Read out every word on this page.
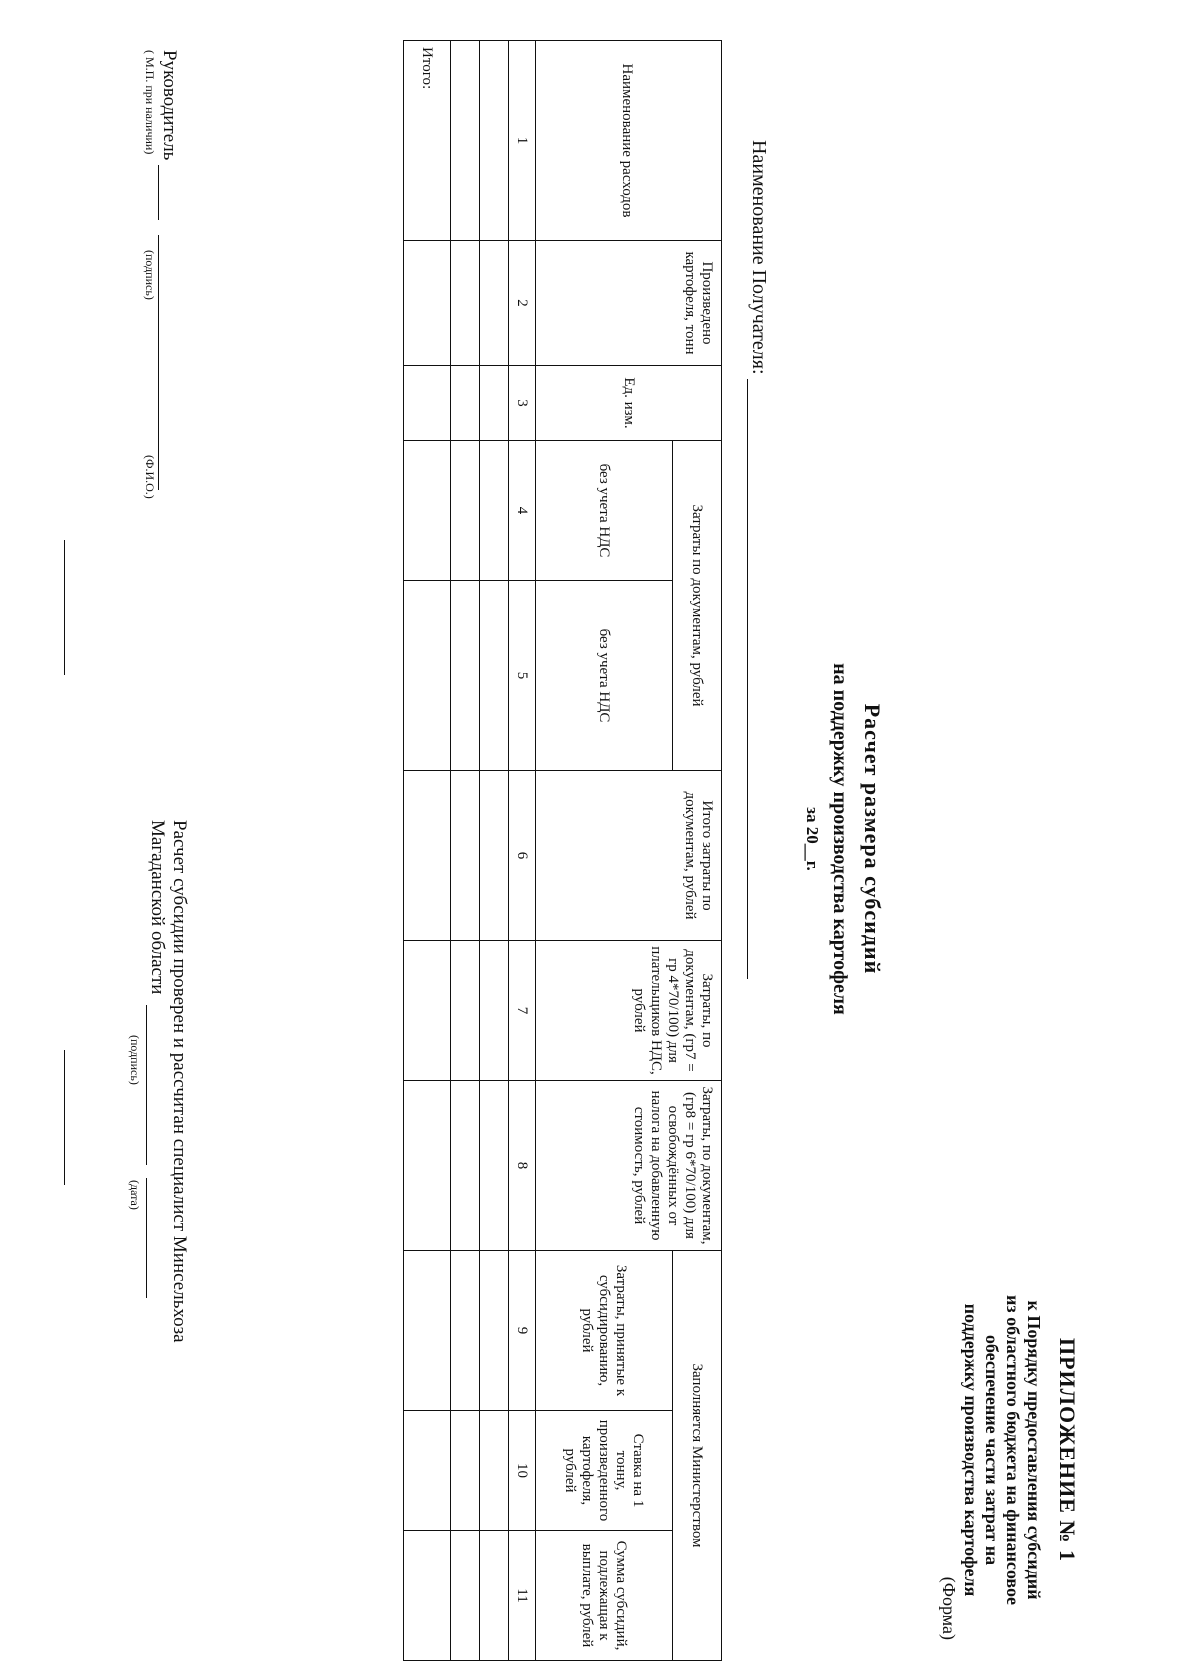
ПРИЛОЖЕНИЕ № 1
к Порядку предоставления субсидий
из областного бюджета на финансовое
обеспечение части затрат на
поддержку производства картофеля
(Форма)
Расчет размера субсидий
на поддержку производства картофеля
за 20__г.
Наименование Получателя:
Наименование расходов	Произведено картофеля, тонн	Ед. изм.	Затраты по документам, рублей		Итого затраты по документам, рублей	Затраты, по документам, (гр7 = гр 4*70/100) для плательщиков НДС, рублей	Затраты, по документам, (гр8 = гр 6*70/100) для освобождённых от налога на добавленную стоимость, рублей	Заполняется Министерством		
			без учета НДС	без учета НДС				Затраты, принятые к субсидированию, рублей	Ставка на 1 тонну, произведенного картофеля, рублей	Сумма субсидий, подлежащая к выплате, рублей
1	2	3	4	5	6	7	8	9	10	11

Итого:										
Руководитель
( М.П. при наличии)
(подпись)
(Ф.И.О.)
Расчет субсидии проверен и рассчитан специалист Минсельхоза
Магаданской области
(подпись)
(дата)
